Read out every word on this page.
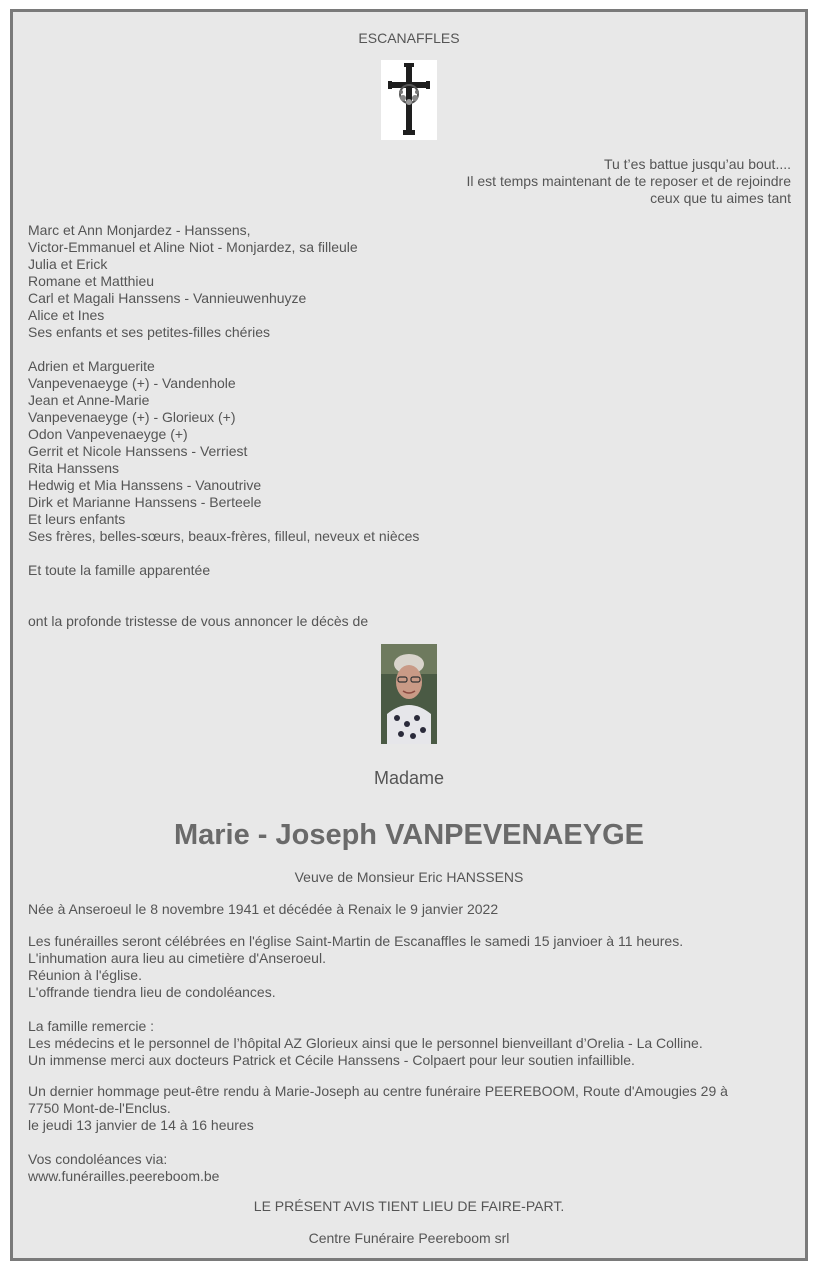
ESCANAFFLES
Tu t’es battue jusqu’au bout....
Il est temps maintenant de te reposer et de rejoindre
ceux que tu aimes tant
Marc et Ann Monjardez - Hanssens,
Victor-Emmanuel et Aline Niot - Monjardez, sa filleule
Julia et Erick
Romane et Matthieu
Carl et Magali Hanssens - Vannieuwenhuyze
Alice et Ines
Ses enfants et ses petites-filles chéries
Adrien et Marguerite
Vanpevenaeyge (+) - Vandenhole
Jean et Anne-Marie
Vanpevenaeyge (+) - Glorieux (+)
Odon Vanpevenaeyge (+)
Gerrit et Nicole Hanssens - Verriest
Rita Hanssens
Hedwig et Mia Hanssens - Vanoutrive
Dirk et Marianne Hanssens - Berteele
Et leurs enfants
Ses frères, belles-sœurs, beaux-frères, filleul, neveux et nièces
Et toute la famille apparentée
ont la profonde tristesse de vous annoncer le décès de
Madame
Marie - Joseph VANPEVENAEYGE
Veuve de Monsieur Eric HANSSENS
Née à Anseroeul le 8 novembre 1941 et décédée à Renaix le 9 janvier 2022
Les funérailles seront célébrées en l'église Saint-Martin de Escanaffles le samedi 15 janvioer à 11 heures.
L'inhumation aura lieu au cimetière d'Anseroeul.
Réunion à l'église.
L'offrande tiendra lieu de condoléances.
La famille remercie :
Les médecins et le personnel de l’hôpital AZ Glorieux ainsi que le personnel bienveillant d’Orelia - La Colline.
Un immense merci aux docteurs Patrick et Cécile Hanssens - Colpaert pour leur soutien infaillible.
Un dernier hommage peut-être rendu à Marie-Joseph au centre funéraire PEEREBOOM, Route d'Amougies 29 à
7750 Mont-de-l'Enclus.
le jeudi 13 janvier de 14 à 16 heures
Vos condoléances via:
www.funérailles.peereboom.be
LE PRÉSENT AVIS TIENT LIEU DE FAIRE-PART.
Centre Funéraire Peereboom srl
